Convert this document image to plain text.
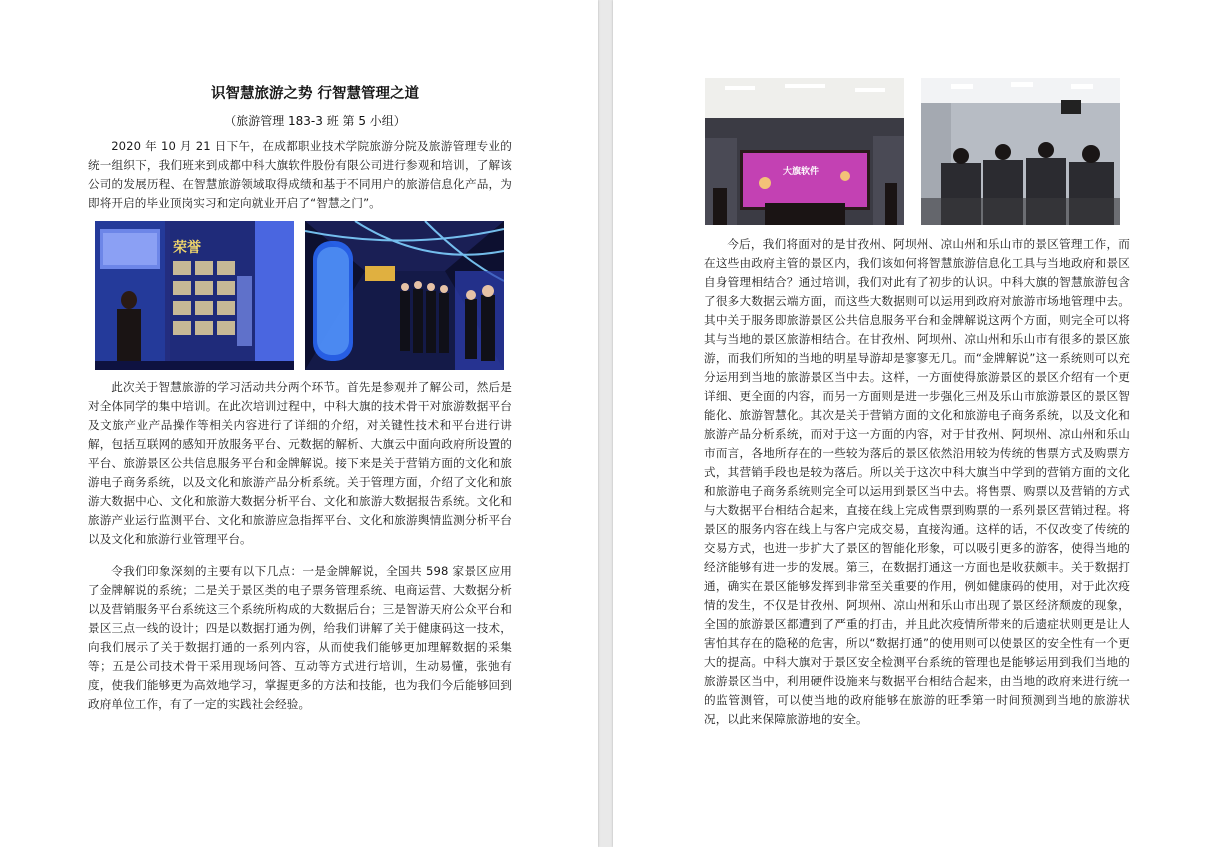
识智慧旅游之势 行智慧管理之道
（旅游管理 183-3 班 第 5 小组）

2020 年 10 月 21 日下午，在成都职业技术学院旅游分院及旅游管理专业的统一组织下，我们班来到成都中科大旗软件股份有限公司进行参观和培训，了解该公司的发展历程、在智慧旅游领域取得成绩和基于不同用户的旅游信息化产品，为即将开启的毕业顶岗实习和定向就业开启了“智慧之门”。

荣誉

此次关于智慧旅游的学习活动共分两个环节。首先是参观并了解公司，然后是对全体同学的集中培训。在此次培训过程中，中科大旗的技术骨干对旅游数据平台及文旅产业产品操作等相关内容进行了详细的介绍，对关键性技术和平台进行讲解，包括互联网的感知开放服务平台、元数据的解析、大旗云中面向政府所设置的平台、旅游景区公共信息服务平台和金牌解说。接下来是关于营销方面的文化和旅游电子商务系统，以及文化和旅游产品分析系统。关于管理方面，介绍了文化和旅游大数据中心、文化和旅游大数据分析平台、文化和旅游大数据报告系统。文化和旅游产业运行监测平台、文化和旅游应急指挥平台、文化和旅游舆情监测分析平台以及文化和旅游行业管理平台。

令我们印象深刻的主要有以下几点：一是金牌解说，全国共 598 家景区应用了金牌解说的系统；二是关于景区类的电子票务管理系统、电商运营、大数据分析以及营销服务平台系统这三个系统所构成的大数据后台；三是智游天府公众平台和景区三点一线的设计；四是以数据打通为例，给我们讲解了关于健康码这一技术，向我们展示了关于数据打通的一系列内容，从而使我们能够更加理解数据的采集等；五是公司技术骨干采用现场问答、互动等方式进行培训，生动易懂，张弛有度，使我们能够更为高效地学习，掌握更多的方法和技能，也为我们今后能够回到政府单位工作，有了一定的实践社会经验。

大旗软件

今后，我们将面对的是甘孜州、阿坝州、凉山州和乐山市的景区管理工作，而在这些由政府主管的景区内，我们该如何将智慧旅游信息化工具与当地政府和景区自身管理相结合？通过培训，我们对此有了初步的认识。中科大旗的智慧旅游包含了很多大数据云端方面，而这些大数据则可以运用到政府对旅游市场地管理中去。其中关于服务即旅游景区公共信息服务平台和金牌解说这两个方面，则完全可以将其与当地的景区旅游相结合。在甘孜州、阿坝州、凉山州和乐山市有很多的景区旅游，而我们所知的当地的明星导游却是寥寥无几。而“金牌解说”这一系统则可以充分运用到当地的旅游景区当中去。这样，一方面使得旅游景区的景区介绍有一个更详细、更全面的内容，而另一方面则是进一步强化三州及乐山市旅游景区的景区智能化、旅游智慧化。其次是关于营销方面的文化和旅游电子商务系统，以及文化和旅游产品分析系统，而对于这一方面的内容，对于甘孜州、阿坝州、凉山州和乐山市而言，各地所存在的一些较为落后的景区依然沿用较为传统的售票方式及购票方式，其营销手段也是较为落后。所以关于这次中科大旗当中学到的营销方面的文化和旅游电子商务系统则完全可以运用到景区当中去。将售票、购票以及营销的方式与大数据平台相结合起来，直接在线上完成售票到购票的一系列景区营销过程。将景区的服务内容在线上与客户完成交易，直接沟通。这样的话，不仅改变了传统的交易方式，也进一步扩大了景区的智能化形象，可以吸引更多的游客，使得当地的经济能够有进一步的发展。第三，在数据打通这一方面也是收获颇丰。关于数据打通，确实在景区能够发挥到非常至关重要的作用，例如健康码的使用，对于此次疫情的发生，不仅是甘孜州、阿坝州、凉山州和乐山市出现了景区经济颓废的现象，全国的旅游景区都遭到了严重的打击，并且此次疫情所带来的后遗症状则更是让人害怕其存在的隐秘的危害，所以“数据打通”的使用则可以使景区的安全性有一个更大的提高。中科大旗对于景区安全检测平台系统的管理也是能够运用到我们当地的旅游景区当中，利用硬件设施来与数据平台相结合起来，由当地的政府来进行统一的监管测管，可以使当地的政府能够在旅游的旺季第一时间预测到当地的旅游状况，以此来保障旅游地的安全。
